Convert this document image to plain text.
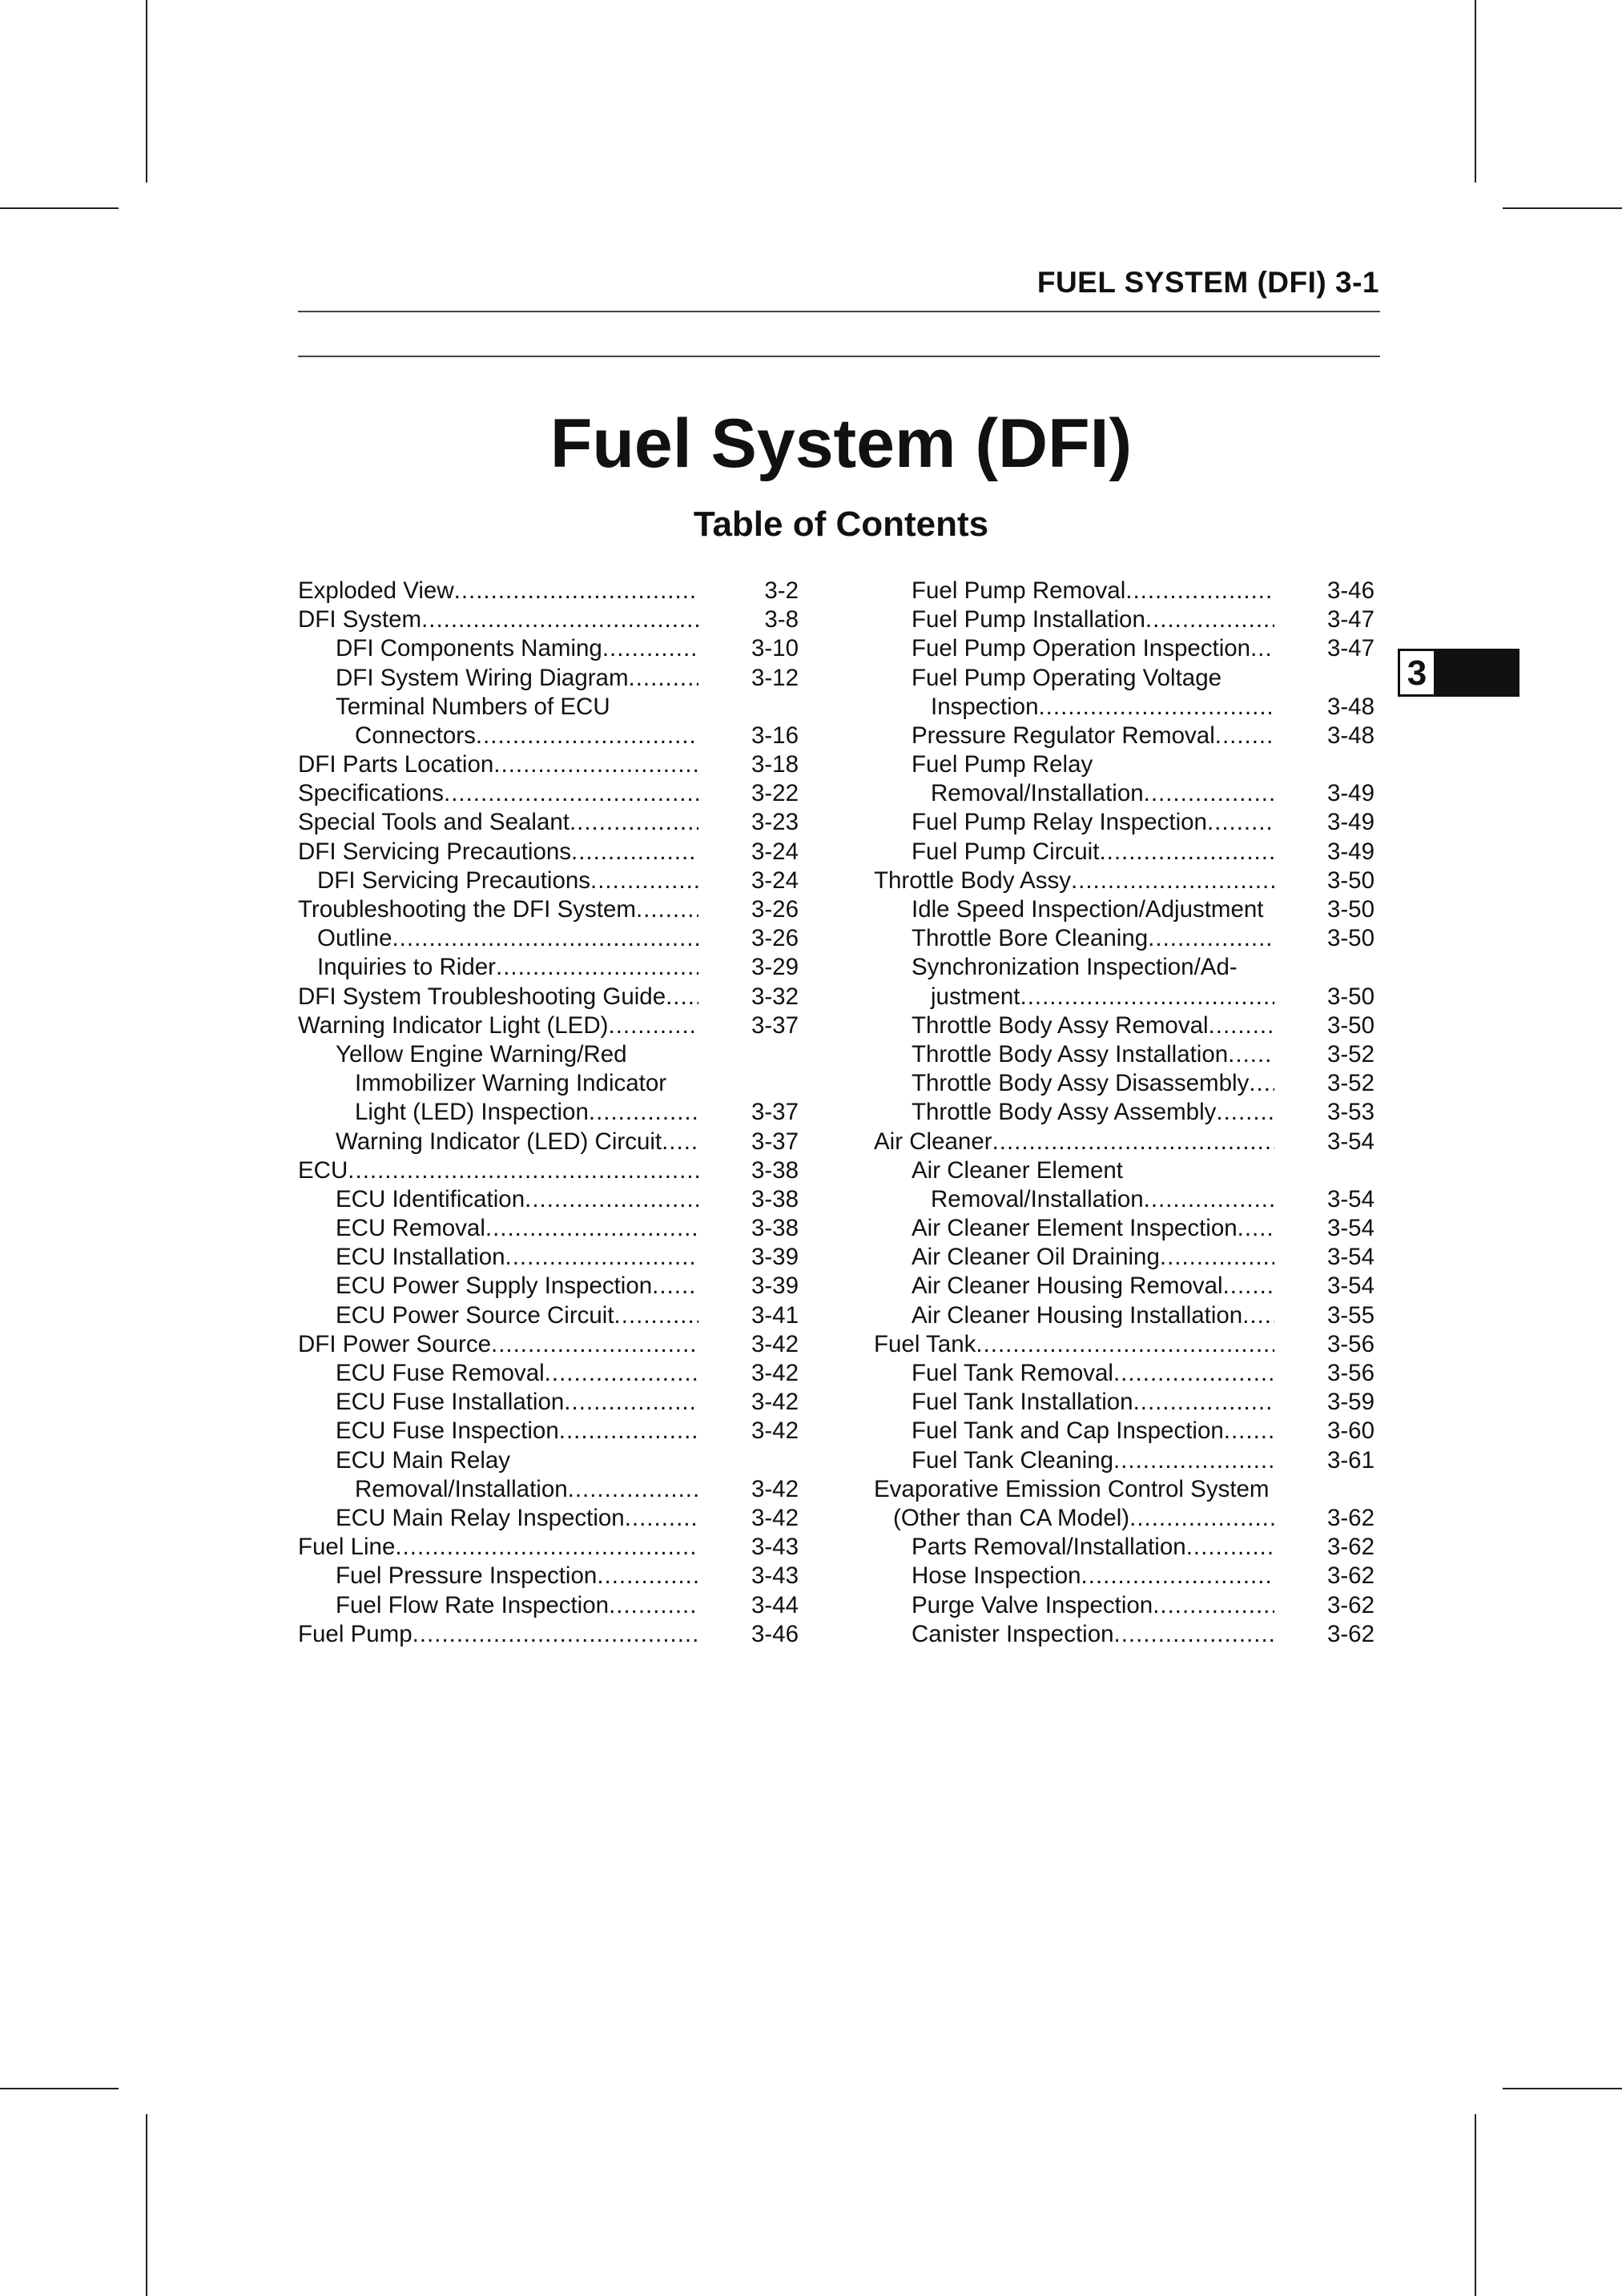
FUEL SYSTEM (DFI) 3-1
Fuel System (DFI)
Table of Contents
Exploded View .....	3-2
DFI System .....	3-8
DFI Components Naming .....	3-10
DFI System Wiring Diagram .....	3-12
Terminal Numbers of ECU
Connectors .....	3-16
DFI Parts Location .....	3-18
Specifications .....	3-22
Special Tools and Sealant .....	3-23
DFI Servicing Precautions .....	3-24
DFI Servicing Precautions .....	3-24
Troubleshooting the DFI System .....	3-26
Outline .....	3-26
Inquiries to Rider .....	3-29
DFI System Troubleshooting Guide .....	3-32
Warning Indicator Light (LED) .....	3-37
Yellow Engine Warning/Red
Immobilizer Warning Indicator
Light (LED) Inspection .....	3-37
Warning Indicator (LED) Circuit .....	3-37
ECU .....	3-38
ECU Identification .....	3-38
ECU Removal .....	3-38
ECU Installation .....	3-39
ECU Power Supply Inspection .....	3-39
ECU Power Source Circuit .....	3-41
DFI Power Source .....	3-42
ECU Fuse Removal .....	3-42
ECU Fuse Installation .....	3-42
ECU Fuse Inspection .....	3-42
ECU Main Relay
Removal/Installation .....	3-42
ECU Main Relay Inspection .....	3-42
Fuel Line .....	3-43
Fuel Pressure Inspection .....	3-43
Fuel Flow Rate Inspection .....	3-44
Fuel Pump .....	3-46
Fuel Pump Removal .....	3-46
Fuel Pump Installation .....	3-47
Fuel Pump Operation Inspection .....	3-47
Fuel Pump Operating Voltage
Inspection .....	3-48
Pressure Regulator Removal .....	3-48
Fuel Pump Relay
Removal/Installation .....	3-49
Fuel Pump Relay Inspection .....	3-49
Fuel Pump Circuit .....	3-49
Throttle Body Assy .....	3-50
Idle Speed Inspection/Adjustment	3-50
Throttle Bore Cleaning .....	3-50
Synchronization Inspection/Ad-
justment .....	3-50
Throttle Body Assy Removal .....	3-50
Throttle Body Assy Installation .....	3-52
Throttle Body Assy Disassembly .....	3-52
Throttle Body Assy Assembly .....	3-53
Air Cleaner .....	3-54
Air Cleaner Element
Removal/Installation .....	3-54
Air Cleaner Element Inspection .....	3-54
Air Cleaner Oil Draining .....	3-54
Air Cleaner Housing Removal .....	3-54
Air Cleaner Housing Installation .....	3-55
Fuel Tank .....	3-56
Fuel Tank Removal .....	3-56
Fuel Tank Installation .....	3-59
Fuel Tank and Cap Inspection .....	3-60
Fuel Tank Cleaning .....	3-61
Evaporative Emission Control System
(Other than CA Model) .....	3-62
Parts Removal/Installation .....	3-62
Hose Inspection .....	3-62
Purge Valve Inspection .....	3-62
Canister Inspection .....	3-62
3
